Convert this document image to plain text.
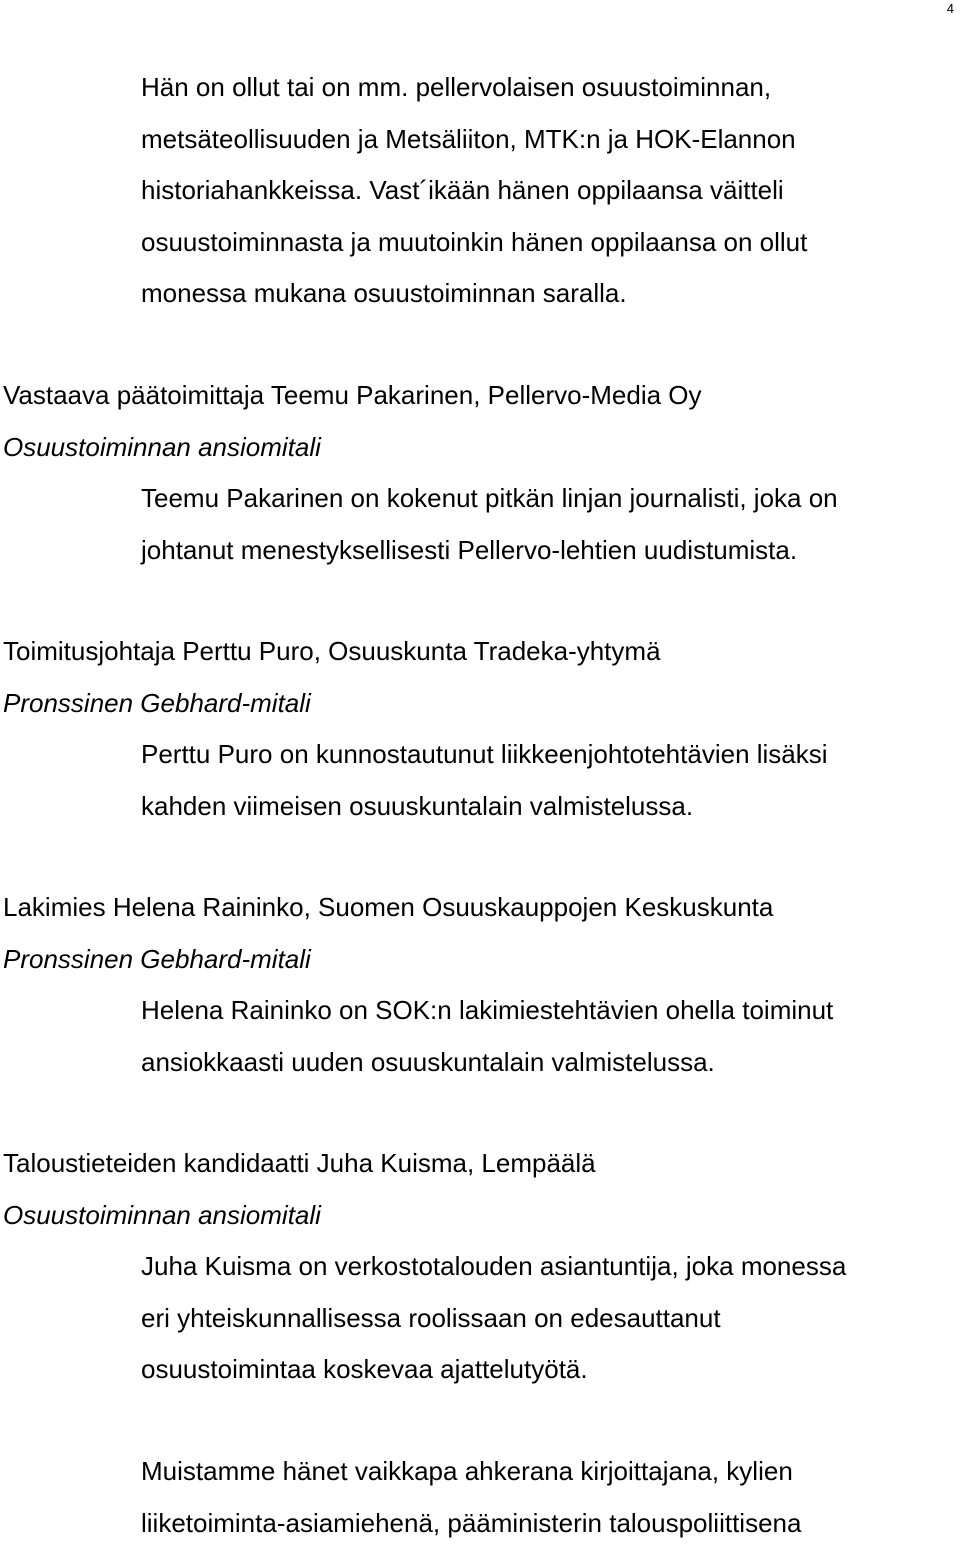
4
Hän on ollut tai on mm. pellervolaisen osuustoiminnan,
metsäteollisuuden ja Metsäliiton, MTK:n ja HOK-Elannon
historiahankkeissa. Vast´ikään hänen oppilaansa väitteli
osuustoiminnasta ja muutoinkin hänen oppilaansa on ollut
monessa mukana osuustoiminnan saralla.
Vastaava päätoimittaja Teemu Pakarinen, Pellervo-Media Oy
Osuustoiminnan ansiomitali
Teemu Pakarinen on kokenut pitkän linjan journalisti, joka on
johtanut menestyksellisesti Pellervo-lehtien uudistumista.
Toimitusjohtaja Perttu Puro, Osuuskunta Tradeka-yhtymä
Pronssinen Gebhard-mitali
Perttu Puro on kunnostautunut liikkeenjohtotehtävien lisäksi
kahden viimeisen osuuskuntalain valmistelussa.
Lakimies Helena Raininko, Suomen Osuuskauppojen Keskuskunta
Pronssinen Gebhard-mitali
Helena Raininko on SOK:n lakimiestehtävien ohella toiminut
ansiokkaasti uuden osuuskuntalain valmistelussa.
Taloustieteiden kandidaatti Juha Kuisma, Lempäälä
Osuustoiminnan ansiomitali
Juha Kuisma on verkostotalouden asiantuntija, joka monessa
eri yhteiskunnallisessa roolissaan on edesauttanut
osuustoimintaa koskevaa ajattelutyötä.
Muistamme hänet vaikkapa ahkerana kirjoittajana, kylien
liiketoiminta-asiamiehenä, pääministerin talouspoliittisena
